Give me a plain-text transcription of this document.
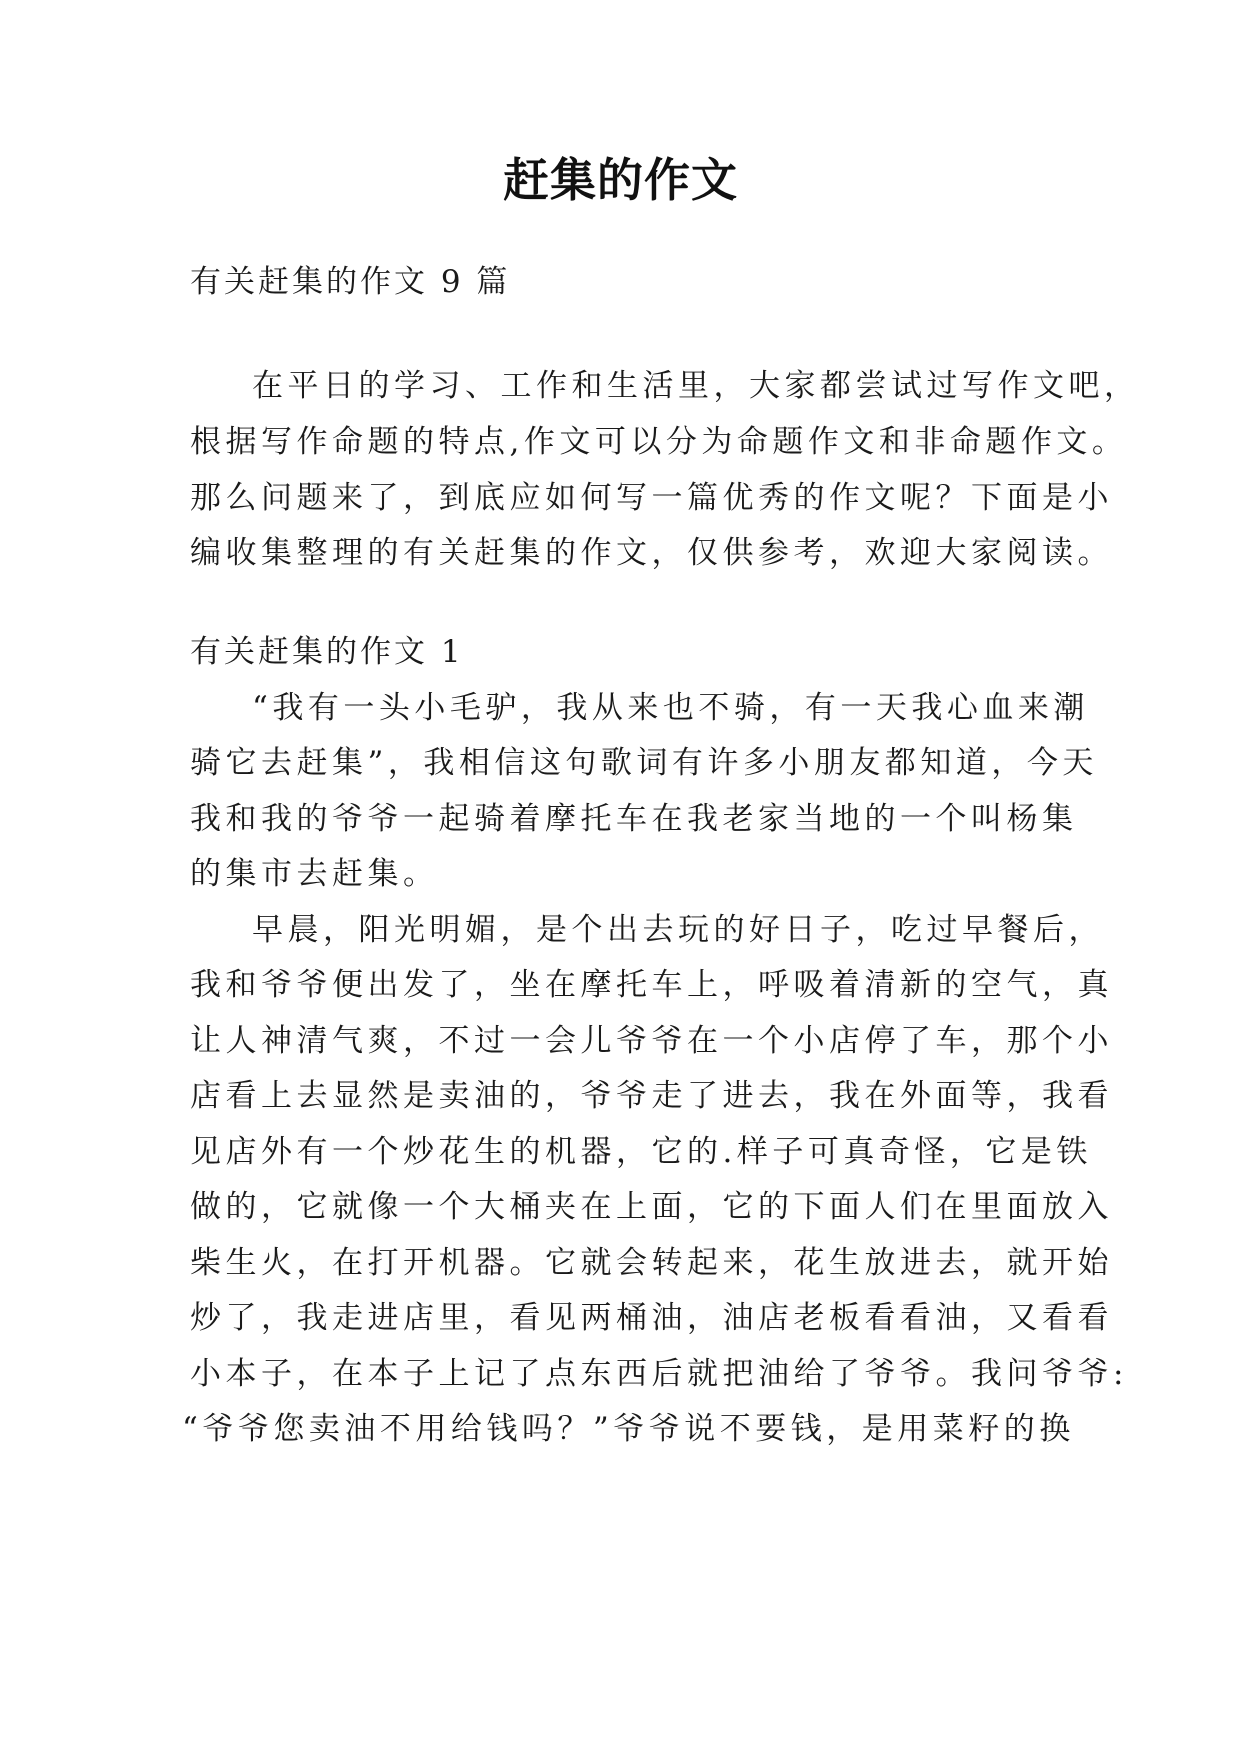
赶集的作文
有关赶集的作文 9 篇
在平日的学习、工作和生活里，大家都尝试过写作文吧，
根据写作命题的特点,作文可以分为命题作文和非命题作文。
那么问题来了，到底应如何写一篇优秀的作文呢？下面是小
编收集整理的有关赶集的作文，仅供参考，欢迎大家阅读。
有关赶集的作文 1
“我有一头小毛驴，我从来也不骑，有一天我心血来潮
骑它去赶集”，我相信这句歌词有许多小朋友都知道，今天
我和我的爷爷一起骑着摩托车在我老家当地的一个叫杨集
的集市去赶集。
早晨，阳光明媚，是个出去玩的好日子，吃过早餐后，
我和爷爷便出发了，坐在摩托车上，呼吸着清新的空气，真
让人神清气爽，不过一会儿爷爷在一个小店停了车，那个小
店看上去显然是卖油的，爷爷走了进去，我在外面等，我看
见店外有一个炒花生的机器，它的.样子可真奇怪，它是铁
做的，它就像一个大桶夹在上面，它的下面人们在里面放入
柴生火，在打开机器。它就会转起来，花生放进去，就开始
炒了，我走进店里，看见两桶油，油店老板看看油，又看看
小本子，在本子上记了点东西后就把油给了爷爷。我问爷爷:
“爷爷您卖油不用给钱吗？”爷爷说不要钱，是用菜籽的换
